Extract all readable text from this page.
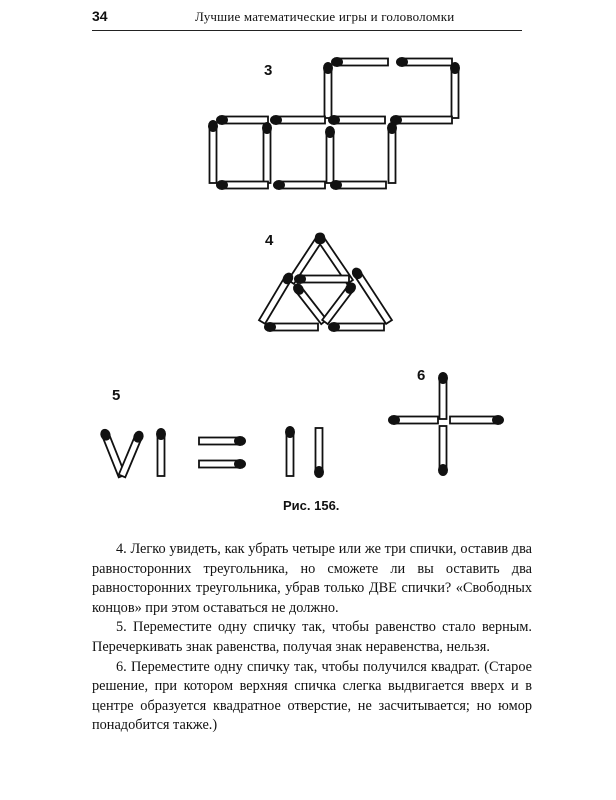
34	Лучшие математические игры и головоломки
3
4
5
6
Рис. 156.

4. Легко увидеть, как убрать четыре или же три спички, оставив два равносторонних треугольника, но сможете ли вы оставить два равносторонних треугольника, убрав только ДВЕ спички? «Свободных концов» при этом оставаться не должно.

5. Переместите одну спичку так, чтобы равенство стало верным. Перечеркивать знак равенства, получая знак неравенства, нельзя.

6. Переместите одну спичку так, чтобы получился квадрат. (Старое решение, при котором верхняя спичка слегка выдвигается вверх и в центре образуется квадратное отверстие, не засчитывается; но юмор понадобится также.)
